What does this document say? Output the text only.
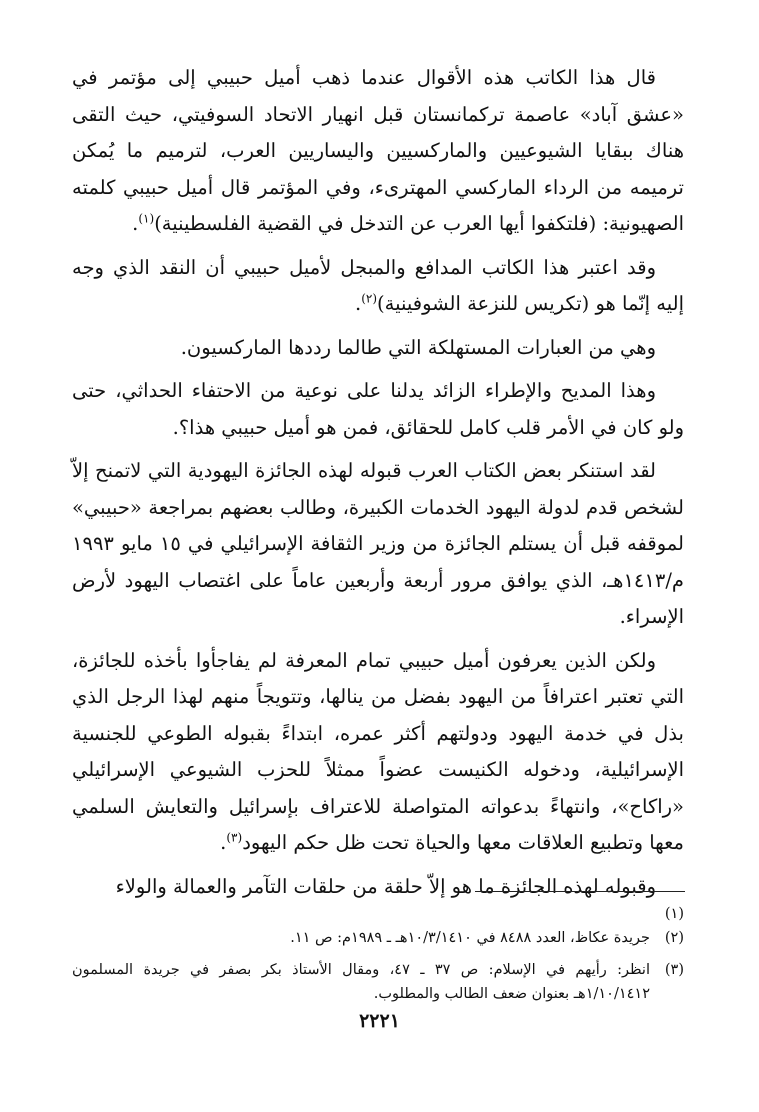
قال هذا الكاتب هذه الأقوال عندما ذهب أميل حبيبي إلى مؤتمر في «عشق آباد» عاصمة تركمانستان قبل انهيار الاتحاد السوفيتي، حيث التقى هناك ببقايا الشيوعيين والماركسيين واليساريين العرب، لترميم ما يُمكن ترميمه من الرداء الماركسي المهترىء، وفي المؤتمر قال أميل حبيبي كلمته الصهيونية: (فلتكفوا أيها العرب عن التدخل في القضية الفلسطينية)$^{(١)}$.

وقد اعتبر هذا الكاتب المدافع والمبجل لأميل حبيبي أن النقد الذي وجه إليه إنّما هو (تكريس للنزعة الشوفينية)$^{(٢)}$.

وهي من العبارات المستهلكة التي طالما رددها الماركسيون.

وهذا المديح والإطراء الزائد يدلنا على نوعية من الاحتفاء الحداثي، حتى ولو كان في الأمر قلب كامل للحقائق، فمن هو أميل حبيبي هذا؟.

لقد استنكر بعض الكتاب العرب قبوله لهذه الجائزة اليهودية التي لاتمنح إلاّ لشخص قدم لدولة اليهود الخدمات الكبيرة، وطالب بعضهم بمراجعة «حبيبي» لموقفه قبل أن يستلم الجائزة من وزير الثقافة الإسرائيلي في ١٥ مايو ١٩٩٣ م/١٤١٣هـ، الذي يوافق مرور أربعة وأربعين عاماً على اغتصاب اليهود لأرض الإسراء.

ولكن الذين يعرفون أميل حبيبي تمام المعرفة لم يفاجأوا بأخذه للجائزة، التي تعتبر اعترافاً من اليهود بفضل من ينالها، وتتويجاً منهم لهذا الرجل الذي بذل في خدمة اليهود ودولتهم أكثر عمره، ابتداءً بقبوله الطوعي للجنسية الإسرائيلية، ودخوله الكنيست عضواً ممثلاً للحزب الشيوعي الإسرائيلي «راكاح»، وانتهاءً بدعواته المتواصلة للاعتراف بإسرائيل والتعايش السلمي معها وتطبيع العلاقات معها والحياة تحت ظل حكم اليهود$^{(٣)}$.

وقبوله لهذه الجائزة ما هو إلاّ حلقة من حلقات التآمر والعمالة والولاء

(١) (٢)جريدة عكاظ، العدد ٨٤٨٨ في ١٠/٣/١٤١٠هـ ـ ١٩٨٩م: ص ١١.

(٣)انظر: رأيهم في الإسلام: ص ٣٧ ـ ٤٧، ومقال الأستاذ بكر بصفر في جريدة المسلمون ١/١٠/١٤١٢هـ بعنوان ضعف الطالب والمطلوب.

٢٢٢١
